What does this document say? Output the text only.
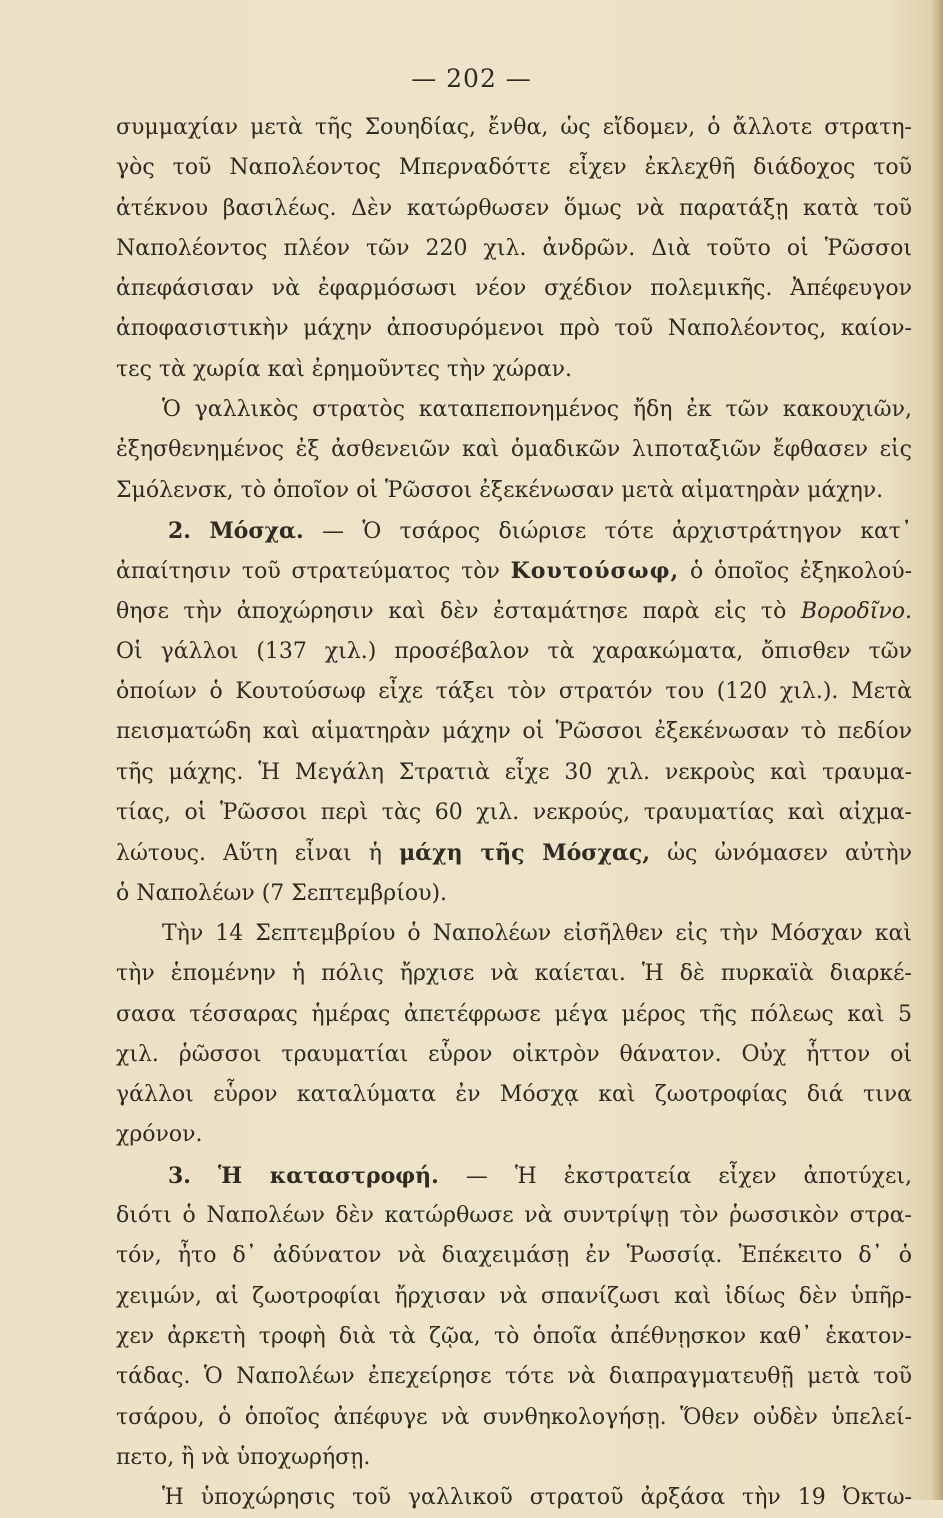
— 202 —
συμμαχίαν μετὰ τῆς Σουηδίας, ἔνθα, ὡς εἴδομεν, ὁ ἄλλοτε στρατη-
γὸς τοῦ Ναπολέοντος Μπερναδόττε εἶχεν ἐκλεχθῆ διάδοχος τοῦ
ἀτέκνου βασιλέως. Δὲν κατώρθωσεν ὅμως νὰ παρατάξῃ κατὰ τοῦ
Ναπολέοντος πλέον τῶν 220 χιλ. ἀνδρῶν. Διὰ τοῦτο οἱ Ῥῶσσοι
ἀπεφάσισαν νὰ ἐφαρμόσωσι νέον σχέδιον πολεμικῆς. Ἀπέφευγον
ἀποφασιστικὴν μάχην ἀποσυρόμενοι πρὸ τοῦ Ναπολέοντος, καίον-
τες τὰ χωρία καὶ ἐρημοῦντες τὴν χώραν.
Ὁ γαλλικὸς στρατὸς καταπεπονημένος ἤδη ἐκ τῶν κακουχιῶν,
ἐξησθενημένος ἐξ ἀσθενειῶν καὶ ὁμαδικῶν λιποταξιῶν ἔφθασεν εἰς
Σμόλενσκ, τὸ ὁποῖον οἱ Ῥῶσσοι ἐξεκένωσαν μετὰ αἱματηρὰν μάχην.
2. Μόσχα. — Ὁ τσάρος διώρισε τότε ἀρχιστράτηγον κατ᾽
ἀπαίτησιν τοῦ στρατεύματος τὸν Κουτούσωφ, ὁ ὁποῖος ἐξηκολού-
θησε τὴν ἀποχώρησιν καὶ δὲν ἐσταμάτησε παρὰ εἰς τὸ Βοροδῖνο.
Οἱ γάλλοι (137 χιλ.) προσέβαλον τὰ χαρακώματα, ὄπισθεν τῶν
ὁποίων ὁ Κουτούσωφ εἶχε τάξει τὸν στρατόν του (120 χιλ.). Μετὰ
πεισματώδη καὶ αἱματηρὰν μάχην οἱ Ῥῶσσοι ἐξεκένωσαν τὸ πεδίον
τῆς μάχης. Ἡ Μεγάλη Στρατιὰ εἶχε 30 χιλ. νεκροὺς καὶ τραυμα-
τίας, οἱ Ῥῶσσοι περὶ τὰς 60 χιλ. νεκρούς, τραυματίας καὶ αἰχμα-
λώτους. Αὕτη εἶναι ἡ μάχη τῆς Μόσχας, ὡς ὠνόμασεν αὐτὴν
ὁ Ναπολέων (7 Σεπτεμβρίου).
Τὴν 14 Σεπτεμβρίου ὁ Ναπολέων εἰσῆλθεν εἰς τὴν Μόσχαν καὶ
τὴν ἑπομένην ἡ πόλις ἤρχισε νὰ καίεται. Ἡ δὲ πυρκαϊὰ διαρκέ-
σασα τέσσαρας ἡμέρας ἀπετέφρωσε μέγα μέρος τῆς πόλεως καὶ 5
χιλ. ῥῶσσοι τραυματίαι εὗρον οἰκτρὸν θάνατον. Οὐχ ἧττον οἱ
γάλλοι εὗρον καταλύματα ἐν Μόσχᾳ καὶ ζωοτροφίας διά τινα
χρόνον.
3. Ἡ καταστροφή. — Ἡ ἐκστρατεία εἶχεν ἀποτύχει,
διότι ὁ Ναπολέων δὲν κατώρθωσε νὰ συντρίψῃ τὸν ῥωσσικὸν στρα-
τόν, ἦτο δ᾽ ἀδύνατον νὰ διαχειμάσῃ ἐν Ῥωσσίᾳ. Ἐπέκειτο δ᾽ ὁ
χειμών, αἱ ζωοτροφίαι ἤρχισαν νὰ σπανίζωσι καὶ ἰδίως δὲν ὑπῆρ-
χεν ἀρκετὴ τροφὴ διὰ τὰ ζῷα, τὸ ὁποῖα ἀπέθνῃσκον καθ᾽ ἑκατον-
τάδας. Ὁ Ναπολέων ἐπεχείρησε τότε νὰ διαπραγματευθῇ μετὰ τοῦ
τσάρου, ὁ ὁποῖος ἀπέφυγε νὰ συνθηκολογήσῃ. Ὅθεν οὐδὲν ὑπελεί-
πετο, ἢ νὰ ὑποχωρήσῃ.
Ἡ ὑποχώρησις τοῦ γαλλικοῦ στρατοῦ ἀρξάσα τὴν 19 Ὀκτω-
